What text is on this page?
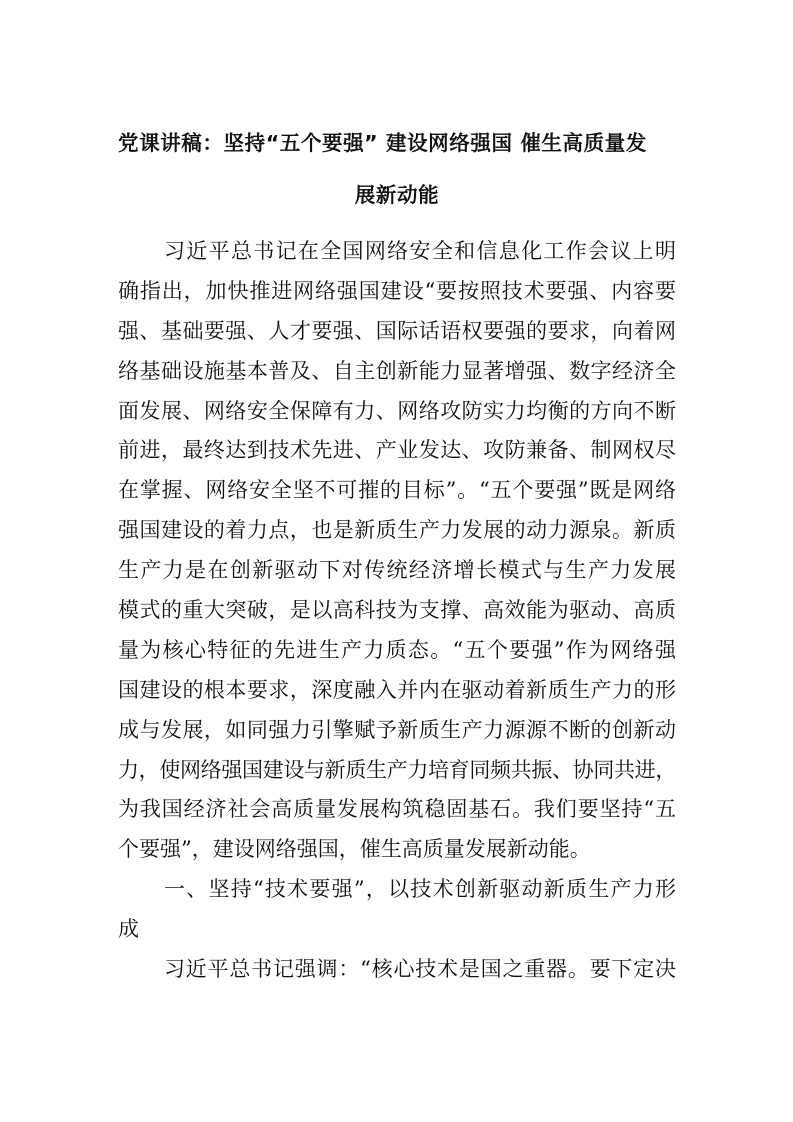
党课讲稿：坚持“五个要强” 建设网络强国 催生高质量发
展新动能
习近平总书记在全国网络安全和信息化工作会议上明
确指出，加快推进网络强国建设“要按照技术要强、内容要
强、基础要强、人才要强、国际话语权要强的要求，向着网
络基础设施基本普及、自主创新能力显著增强、数字经济全
面发展、网络安全保障有力、网络攻防实力均衡的方向不断
前进，最终达到技术先进、产业发达、攻防兼备、制网权尽
在掌握、网络安全坚不可摧的目标”。“五个要强”既是网络
强国建设的着力点，也是新质生产力发展的动力源泉。新质
生产力是在创新驱动下对传统经济增长模式与生产力发展
模式的重大突破，是以高科技为支撑、高效能为驱动、高质
量为核心特征的先进生产力质态。“五个要强”作为网络强
国建设的根本要求，深度融入并内在驱动着新质生产力的形
成与发展，如同强力引擎赋予新质生产力源源不断的创新动
力，使网络强国建设与新质生产力培育同频共振、协同共进，
为我国经济社会高质量发展构筑稳固基石。我们要坚持“五
个要强”，建设网络强国，催生高质量发展新动能。
一、坚持“技术要强”，以技术创新驱动新质生产力形
成
习近平总书记强调：“核心技术是国之重器。要下定决
